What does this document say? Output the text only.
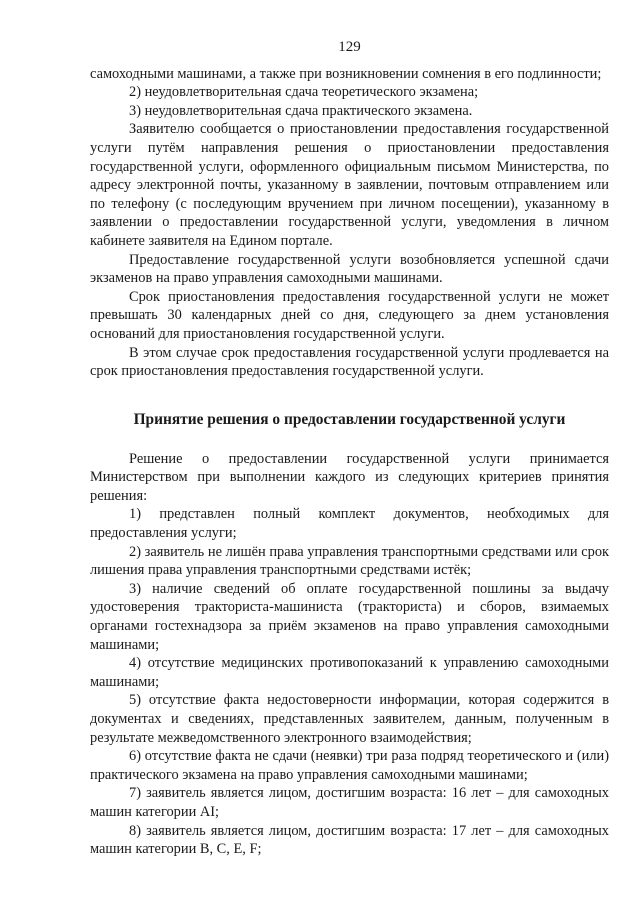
129

самоходными машинами, а также при возникновении сомнения в его подлинности;

2) неудовлетворительная сдача теоретического экзамена;

3) неудовлетворительная сдача практического экзамена.

Заявителю сообщается о приостановлении предоставления государственной услуги путём направления решения о приостановлении предоставления государственной услуги, оформленного официальным письмом Министерства, по адресу электронной почты, указанному в заявлении, почтовым отправлением или по телефону (с последующим вручением при личном посещении), указанному в заявлении о предоставлении государственной услуги, уведомления в личном кабинете заявителя на Едином портале.

Предоставление государственной услуги возобновляется успешной сдачи экзаменов на право управления самоходными машинами.

Срок приостановления предоставления государственной услуги не может превышать 30 календарных дней со дня, следующего за днем установления оснований для приостановления государственной услуги.

В этом случае срок предоставления государственной услуги продлевается на срок приостановления предоставления государственной услуги.

Принятие решения о предоставлении государственной услуги

Решение о предоставлении государственной услуги принимается Министерством при выполнении каждого из следующих критериев принятия решения:

1) представлен полный комплект документов, необходимых для предоставления услуги;

2) заявитель не лишён права управления транспортными средствами или срок лишения права управления транспортными средствами истёк;

3) наличие сведений об оплате государственной пошлины за выдачу удостоверения тракториста-машиниста (тракториста) и сборов, взимаемых органами гостехнадзора за приём экзаменов на право управления самоходными машинами;

4) отсутствие медицинских противопоказаний к управлению самоходными машинами;

5) отсутствие факта недостоверности информации, которая содержится в документах и сведениях, представленных заявителем, данным, полученным в результате межведомственного электронного взаимодействия;

6) отсутствие факта не сдачи (неявки) три раза подряд теоретического и (или) практического экзамена на право управления самоходными машинами;

7) заявитель является лицом, достигшим возраста: 16 лет – для самоходных машин категории AI;

8) заявитель является лицом, достигшим возраста: 17 лет – для самоходных машин категории B, C, E, F;
